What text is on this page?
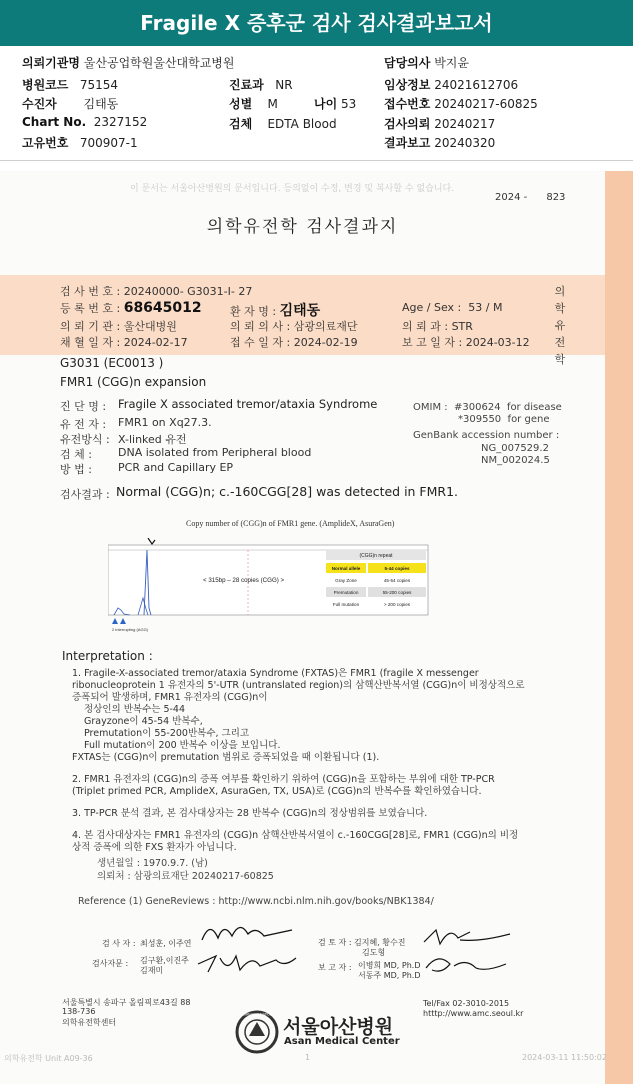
Fragile X 증후군 검사 검사결과보고서
의뢰기관명 울산공업학원울산대학교병원	담당의사 박지윤
병원코드 75154	진료과 NR	임상정보 24021612706
수진자 김태동	성별 M	나이 53 접수번호 20240217-60825
Chart No. 2327152	검체 EDTA Blood	검사의뢰 20240217
고유번호 700907-1	결과보고 20240320
이 문서는 서울아산병원의 문서입니다. 등의없이 수정, 변경 및 복사할 수 없습니다.
2024 - 823
의학유전학 검사결과지
검 사 번 호 : 20240000- G3031-I- 27
등 록 번 호 : 68645012	환 자 명 : 김태동	Age / Sex : 53 / M
의 뢰 기 관 : 울산대병원	의 뢰 의 사 : 삼광의료재단	의 뢰 과 : STR
채 혈 일 자 : 2024-02-17	접 수 일 자 : 2024-02-19	보 고 일 자 : 2024-03-12
의학유전학
G3031 (EC0013 )
FMR1 (CGG)n expansion
진 단 명 : Fragile X associated tremor/ataxia Syndrome
유 전 자 : FMR1 on Xq27.3.
유전방식 : X-linked 유전
검 체 : DNA isolated from Peripheral blood
방 법 : PCR and Capillary EP
OMIM : #300624 for disease
*309550 for gene
GenBank accession number :
NG_007529.2
NM_002024.5
검사결과 : Normal (CGG)n; c.-160CGG[28] was detected in FMR1.
Copy number of (CGG)n of FMR1 gene. (AmplideX, AsuraGen)
< 315bp – 28 copies (CGG) >
2 interrupting (AGG)
(CGG)n repeat
Normal allele	5-44 copies
Gray Zone	45-54 copies
Premutation	55-200 copies
Full mutation	> 200 copies
Interpretation :
1. Fragile-X-associated tremor/ataxia Syndrome (FXTAS)은 FMR1 (fragile X messenger
ribonucleoprotein 1 유전자의 5'-UTR (untranslated region)의 삼핵산반복서열 (CGG)n이 비정상적으로
증폭되어 발생하며, FMR1 유전자의 (CGG)n이
정상인의 반복수는 5-44
Grayzone이 45-54 반복수,
Premutation이 55-200반복수, 그리고
Full mutation이 200 반복수 이상을 보입니다.
FXTAS는 (CGG)n이 premutation 범위로 증폭되었을 때 이환됩니다 (1).
2. FMR1 유전자의 (CGG)n의 증폭 여부를 확인하기 위하여 (CGG)n을 포함하는 부위에 대한 TP-PCR
(Triplet primed PCR, AmplideX, AsuraGen, TX, USA)로 (CGG)n의 반복수를 확인하였습니다.
3. TP-PCR 분석 결과, 본 검사대상자는 28 반복수 (CGG)n의 정상범위를 보였습니다.
4. 본 검사대상자는 FMR1 유전자의 (CGG)n 삼핵산반복서열이 c.-160CGG[28]로, FMR1 (CGG)n의 비정
상적 증폭에 의한 FXS 환자가 아닙니다.
생년월일 : 1970.9.7. (남)
의뢰처 : 삼광의료재단 20240217-60825
Reference (1) GeneReviews : http://www.ncbi.nlm.nih.gov/books/NBK1384/
검 사 자 : 최성훈, 이주연
검사자문 : 김구환,이진주
김재미
검 토 자 : 김지혜, 황수진
김도형
보 고 자 : 이병희 MD, Ph.D
서동주 MD, Ph.D
서울특별시 송파구 올림픽로43길 88
138-736
의학유전학센터
Tel/Fax 02-3010-2015
htttp://www.amc.seoul.kr
ASAN FOUNDATION
서울아산병원
Asan Medical Center
의학유전학 Unit A09-36	1	2024-03-11 11:50:02
